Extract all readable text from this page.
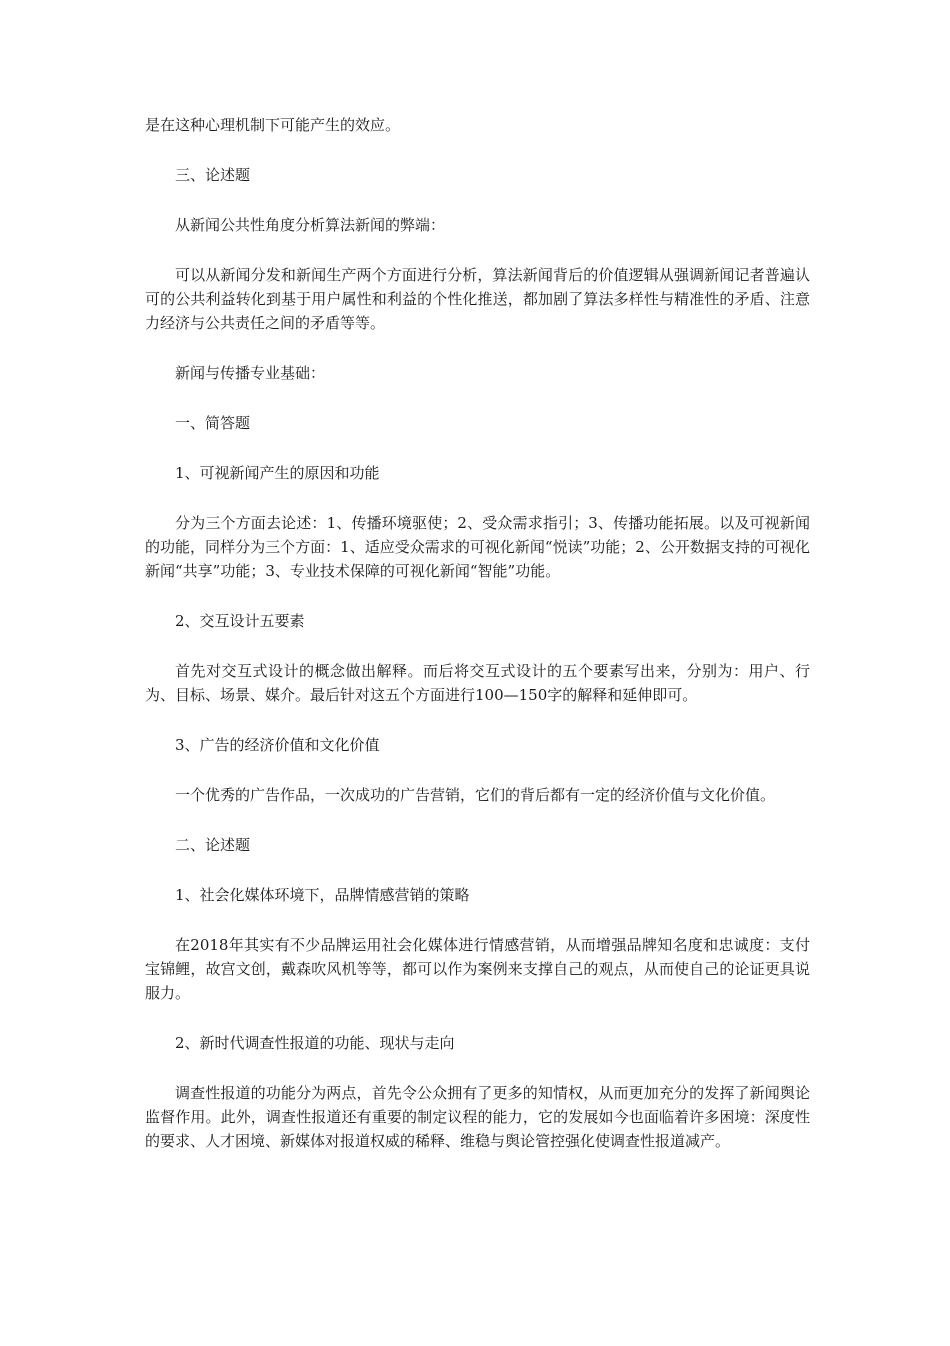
是在这种心理机制下可能产生的效应。

三、论述题

从新闻公共性角度分析算法新闻的弊端：

可以从新闻分发和新闻生产两个方面进行分析，算法新闻背后的价值逻辑从强调新闻记者普遍认可的公共利益转化到基于用户属性和利益的个性化推送，都加剧了算法多样性与精准性的矛盾、注意力经济与公共责任之间的矛盾等等。

新闻与传播专业基础：

一、简答题

1、可视新闻产生的原因和功能

分为三个方面去论述：1、传播环境驱使；2、受众需求指引；3、传播功能拓展。以及可视新闻的功能，同样分为三个方面：1、适应受众需求的可视化新闻“悦读”功能；2、公开数据支持的可视化新闻“共享”功能；3、专业技术保障的可视化新闻“智能”功能。

2、交互设计五要素

首先对交互式设计的概念做出解释。而后将交互式设计的五个要素写出来，分别为：用户、行为、目标、场景、媒介。最后针对这五个方面进行100—150字的解释和延伸即可。

3、广告的经济价值和文化价值

一个优秀的广告作品，一次成功的广告营销，它们的背后都有一定的经济价值与文化价值。

二、论述题

1、社会化媒体环境下，品牌情感营销的策略

在2018年其实有不少品牌运用社会化媒体进行情感营销，从而增强品牌知名度和忠诚度：支付宝锦鲤，故宫文创，戴森吹风机等等，都可以作为案例来支撑自己的观点，从而使自己的论证更具说服力。

2、新时代调查性报道的功能、现状与走向

调查性报道的功能分为两点，首先令公众拥有了更多的知情权，从而更加充分的发挥了新闻舆论监督作用。此外，调查性报道还有重要的制定议程的能力，它的发展如今也面临着许多困境：深度性的要求、人才困境、新媒体对报道权威的稀释、维稳与舆论管控强化使调查性报道减产。
